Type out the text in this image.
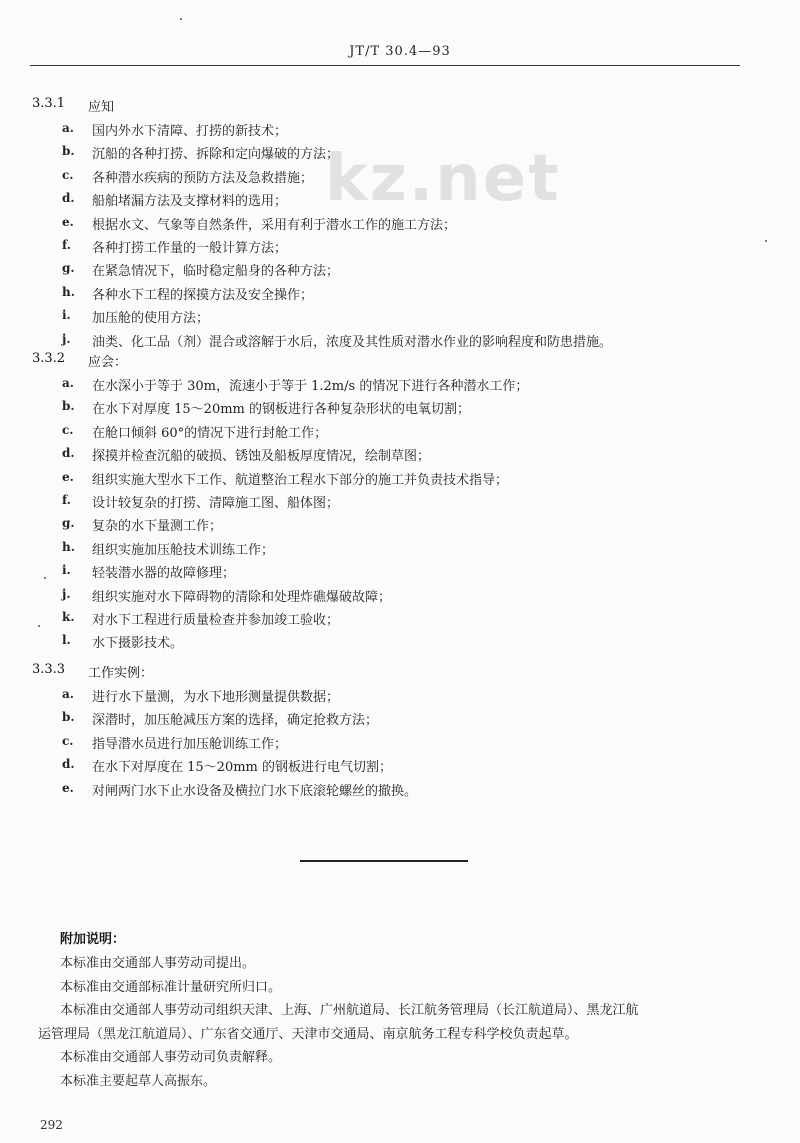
JT/T 30.4—93
kz.net
3.3.1 应知
a. 国内外水下清障、打捞的新技术；
b. 沉船的各种打捞、拆除和定向爆破的方法；
c. 各种潜水疾病的预防方法及急救措施；
d. 船舶堵漏方法及支撑材料的选用；
e. 根据水文、气象等自然条件，采用有利于潜水工作的施工方法；
f. 各种打捞工作量的一般计算方法；
g. 在紧急情况下，临时稳定船身的各种方法；
h. 各种水下工程的探摸方法及安全操作；
i. 加压舱的使用方法；
j. 油类、化工品（剂）混合或溶解于水后，浓度及其性质对潜水作业的影响程度和防患措施。
3.3.2 应会：
a. 在水深小于等于 30m，流速小于等于 1.2m/s 的情况下进行各种潜水工作；
b. 在水下对厚度 15～20mm 的钢板进行各种复杂形状的电氧切割；
c. 在舱口倾斜 60°的情况下进行封舱工作；
d. 探摸并检查沉船的破损、锈蚀及船板厚度情况，绘制草图；
e. 组织实施大型水下工作、航道整治工程水下部分的施工并负责技术指导；
f. 设计较复杂的打捞、清障施工图、船体图；
g. 复杂的水下量测工作；
h. 组织实施加压舱技术训练工作；
i. 轻装潜水器的故障修理；
j. 组织实施对水下障碍物的清除和处理炸礁爆破故障；
k. 对水下工程进行质量检查并参加竣工验收；
l. 水下摄影技术。
3.3.3 工作实例：
a. 进行水下量测，为水下地形测量提供数据；
b. 深潜时，加压舱减压方案的选择，确定抢救方法；
c. 指导潜水员进行加压舱训练工作；
d. 在水下对厚度在 15～20mm 的钢板进行电气切割；
e. 对闸两门水下止水设备及横拉门水下底滚轮螺丝的撤换。
附加说明：
本标准由交通部人事劳动司提出。
本标准由交通部标准计量研究所归口。
本标准由交通部人事劳动司组织天津、上海、广州航道局、长江航务管理局（长江航道局）、黑龙江航
运管理局（黑龙江航道局）、广东省交通厅、天津市交通局、南京航务工程专科学校负责起草。
本标准由交通部人事劳动司负责解释。
本标准主要起草人高振东。
292
